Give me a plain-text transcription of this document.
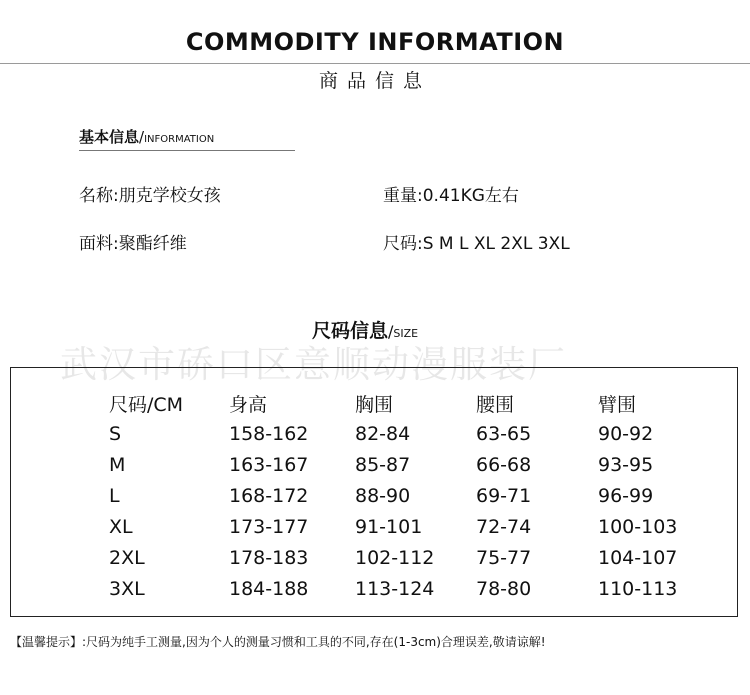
COMMODITY INFORMATION
商品信息
基本信息/INFORMATION
名称:朋克学校女孩	重量:0.41KG左右
面料:聚酯纤维	尺码:S M L XL 2XL 3XL
尺码信息/SIZE
武汉市硚口区意顺动漫服装厂
尺码/CM 身高	胸围	腰围	臂围
S	158-162 82-84	63-65	90-92
M	163-167 85-87	66-68	93-95
L	168-172 88-90	69-71	96-99
XL	173-177 91-101	72-74	100-103
2XL	178-183 102-112 75-77	104-107
3XL	184-188 113-124 78-80	110-113
【温馨提示】:尺码为纯手工测量,因为个人的测量习惯和工具的不同,存在(1-3cm)合理误差,敬请谅解!
